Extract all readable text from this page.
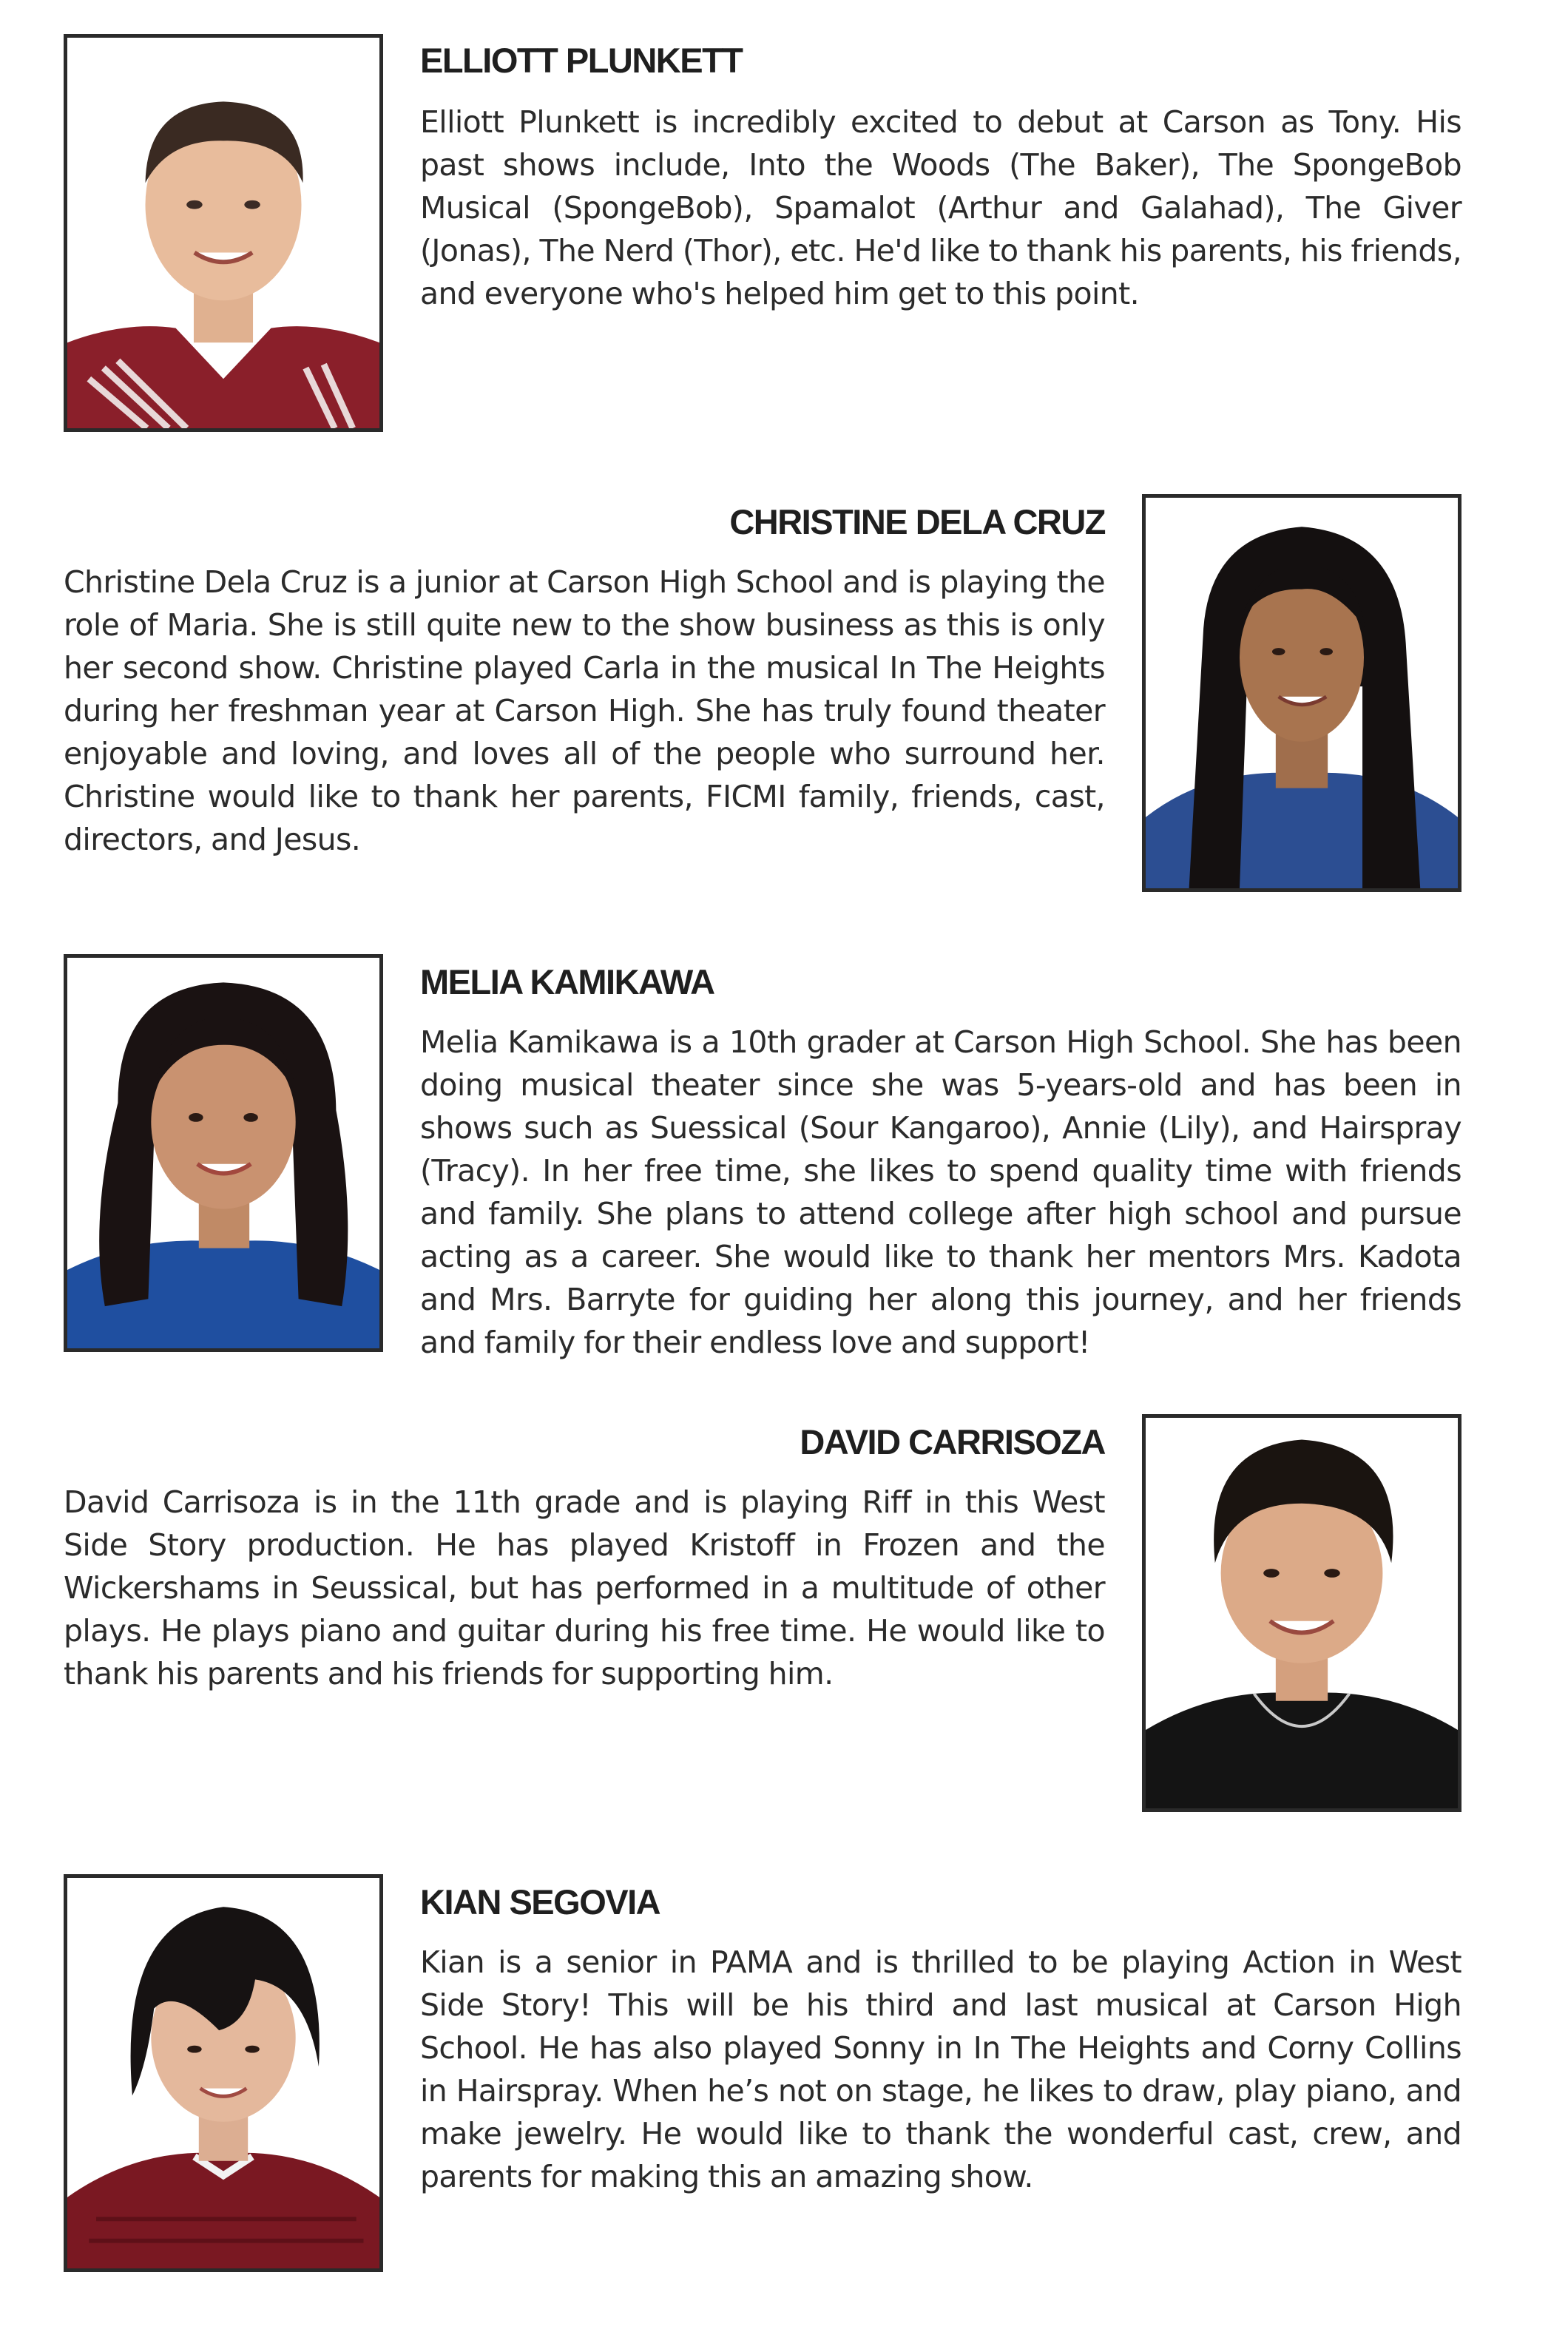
ELLIOTT PLUNKETT

Elliott Plunkett is incredibly excited to debut at Carson as Tony. His past shows include, Into the Woods (The Baker), The SpongeBob Musical (SpongeBob), Spamalot (Arthur and Galahad), The Giver (Jonas), The Nerd (Thor), etc. He'd like to thank his parents, his friends, and everyone who's helped him get to this point.

CHRISTINE DELA CRUZ

Christine Dela Cruz is a junior at Carson High School and is playing the role of Maria. She is still quite new to the show business as this is only her second show. Christine played Carla in the musical In The Heights during her freshman year at Carson High. She has truly found theater enjoyable and loving, and loves all of the people who surround her. Christine would like to thank her parents, FICMI family, friends, cast, directors, and Jesus.

MELIA KAMIKAWA

Melia Kamikawa is a 10th grader at Carson High School. She has been doing musical theater since she was 5-years-old and has been in shows such as Suessical (Sour Kangaroo), Annie (Lily), and Hairspray (Tracy). In her free time, she likes to spend quality time with friends and family. She plans to attend college after high school and pursue acting as a career. She would like to thank her mentors Mrs. Kadota and Mrs. Barryte for guiding her along this journey, and her friends and family for their endless love and support!

DAVID CARRISOZA

David Carrisoza is in the 11th grade and is playing Riff in this West Side Story production. He has played Kristoff in Frozen and the Wickershams in Seussical, but has performed in a multitude of other plays. He plays piano and guitar during his free time. He would like to thank his parents and his friends for supporting him.

KIAN SEGOVIA

Kian is a senior in PAMA and is thrilled to be playing Action in West Side Story! This will be his third and last musical at Carson High School. He has also played Sonny in In The Heights and Corny Collins in Hairspray. When he’s not on stage, he likes to draw, play piano, and make jewelry. He would like to thank the wonderful cast, crew, and parents for making this an amazing show.
